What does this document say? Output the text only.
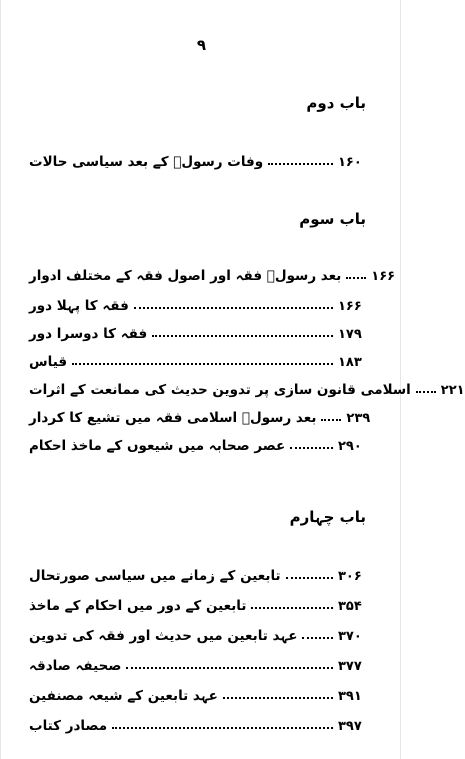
۹
باب دوم
وفات رسولؐ کے بعد سیاسی حالات	۱۶۰
باب سوم
بعد رسولؐ فقہ اور اصول فقہ کے مختلف ادوار ۱۶۶
فقہ کا پہلا دور	۱۶۶
فقہ کا دوسرا دور	۱۷۹
قیاس	۱۸۳
اسلامی قانون سازی پر تدوین حدیث کی ممانعت کے اثرات ۲۲۱
بعد رسولؐ اسلامی فقہ میں تشیع کا کردار ۲۳۹
عصر صحابہ میں شیعوں کے ماخذ احکام	۲۹۰
باب چہارم
تابعین کے زمانے میں سیاسی صورتحال	۳۰۶
تابعین کے دور میں احکام کے ماخذ	۳۵۴
عہد تابعین میں حدیث اور فقہ کی تدوین	۳۷۰
صحیفہ صادقہ	۳۷۷
عہد تابعین کے شیعہ مصنفین	۳۹۱
مصادر کتاب	۳۹۷
